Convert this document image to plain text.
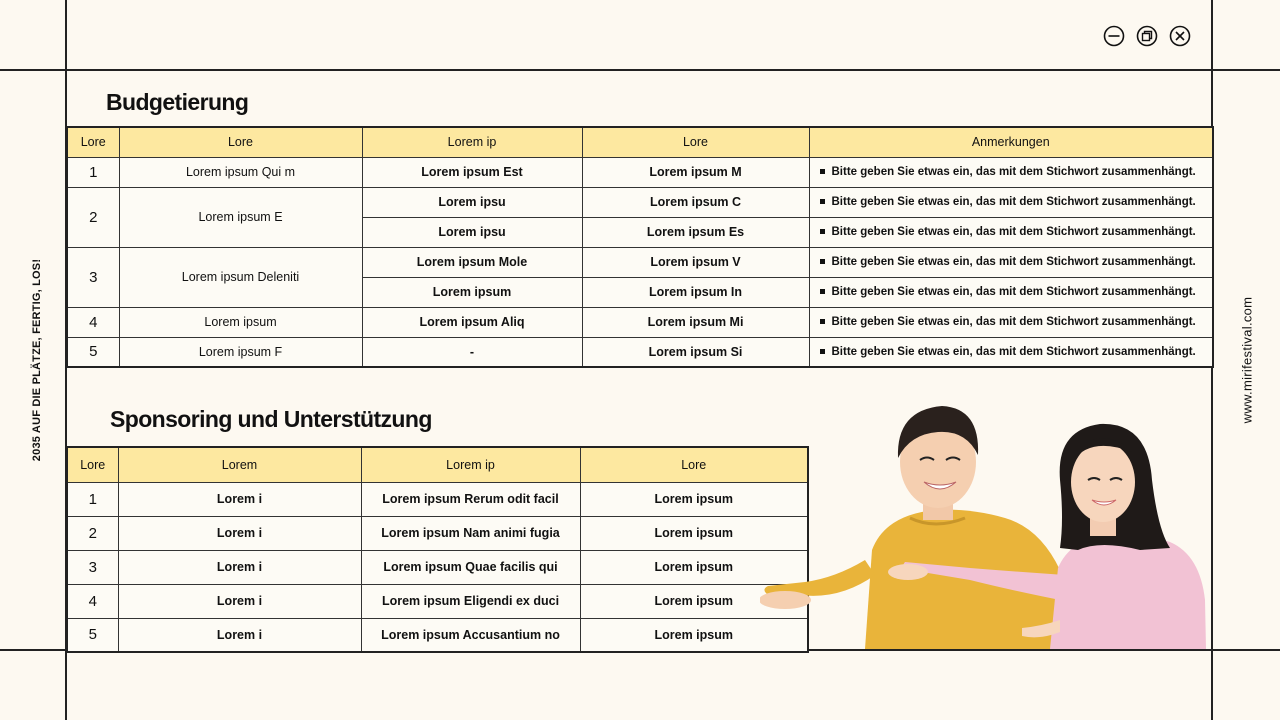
2035 AUF DIE PLÄTZE, FERTIG, LOS!	www.mirifestival.com
Budgetierung
Lore	Lore	Lorem ip	Lore	Anmerkungen
1	Lorem ipsum Qui m	Lorem ipsum Est	Lorem ipsum M	Bitte geben Sie etwas ein, das mit dem Stichwort zusammenhängt.
2	Lorem ipsum E	Lorem ipsu	Lorem ipsum C	Bitte geben Sie etwas ein, das mit dem Stichwort zusammenhängt.
		Lorem ipsu	Lorem ipsum Es	Bitte geben Sie etwas ein, das mit dem Stichwort zusammenhängt.
3	Lorem ipsum Deleniti	Lorem ipsum Mole	Lorem ipsum V	Bitte geben Sie etwas ein, das mit dem Stichwort zusammenhängt.
		Lorem ipsum	Lorem ipsum In	Bitte geben Sie etwas ein, das mit dem Stichwort zusammenhängt.
4	Lorem ipsum	Lorem ipsum Aliq	Lorem ipsum Mi	Bitte geben Sie etwas ein, das mit dem Stichwort zusammenhängt.
5	Lorem ipsum F	-	Lorem ipsum Si	Bitte geben Sie etwas ein, das mit dem Stichwort zusammenhängt.
Sponsoring und Unterstützung
Lore	Lorem	Lorem ip	Lore
1	Lorem i	Lorem ipsum Rerum odit facil	Lorem ipsum
2	Lorem i	Lorem ipsum Nam animi fugia	Lorem ipsum
3	Lorem i	Lorem ipsum Quae facilis qui	Lorem ipsum
4	Lorem i	Lorem ipsum Eligendi ex duci	Lorem ipsum
5	Lorem i	Lorem ipsum Accusantium no	Lorem ipsum
